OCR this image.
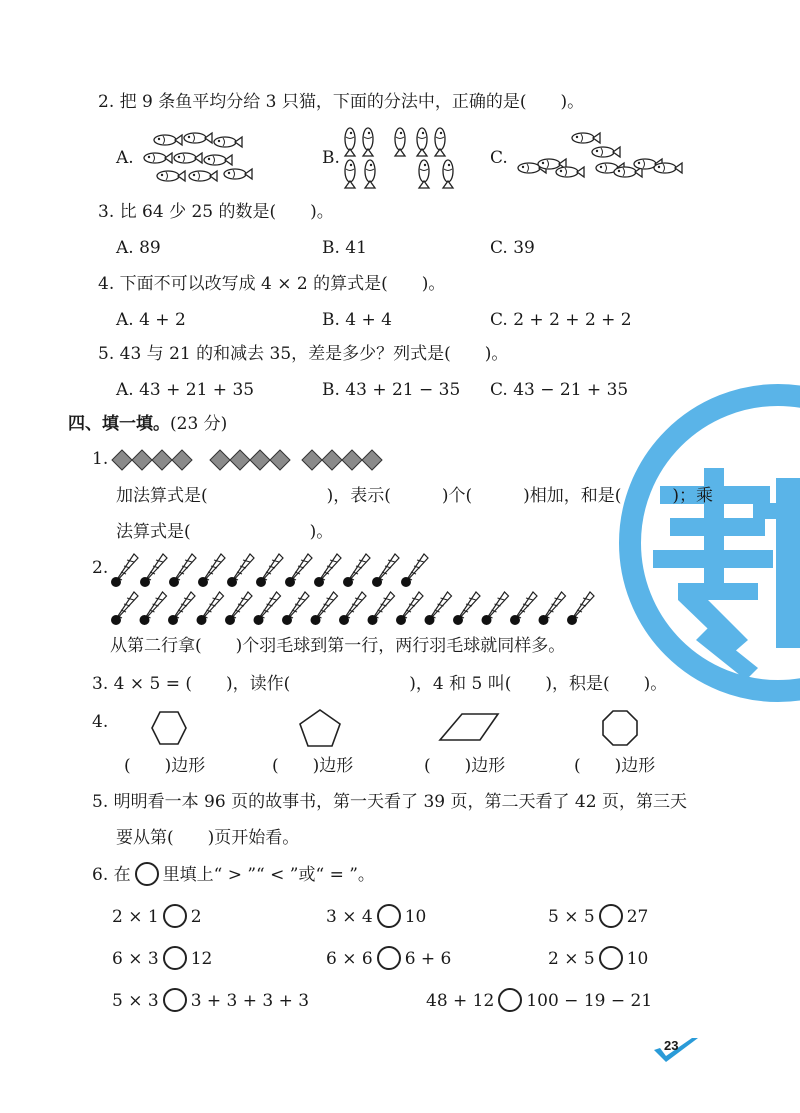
2. 把 9 条鱼平均分给 3 只猫，下面的分法中，正确的是(　　)。
A.	B.	C.
3. 比 64 少 25 的数是(　　)。
A. 89	B. 41	C. 39
4. 下面不可以改写成 4 × 2 的算式是(　　)。
A. 4 + 2	B. 4 + 4	C. 2 + 2 + 2 + 2
5. 43 与 21 的和减去 35，差是多少？列式是(　　)。
A. 43 + 21 + 35	B. 43 + 21 − 35 C. 43 − 21 + 35
四、填一填。(23 分)
1.
加法算式是(　　　　　　　)，表示(　　　)个(　　　)相加，和是(　　　)；乘
法算式是(　　　　　　　)。
2.
从第二行拿(　　)个羽毛球到第一行，两行羽毛球就同样多。
3. 4 × 5 = (　　)，读作(　　　　　　　)，4 和 5 叫(　　)，积是(　　)。
4.
(　　)边形	(　　)边形	(　　)边形	(　　)边形
5. 明明看一本 96 页的故事书，第一天看了 39 页，第二天看了 42 页，第三天
要从第(　　)页开始看。
6. 在 里填上“ > ”“ < ”或“ = ”。
2 × 1 2	3 × 4 10	5 × 5 27
6 × 3 12	6 × 6 6 + 6	2 × 5 10
5 × 3 3 + 3 + 3 + 3	48 + 12 100 − 19 − 21
23
